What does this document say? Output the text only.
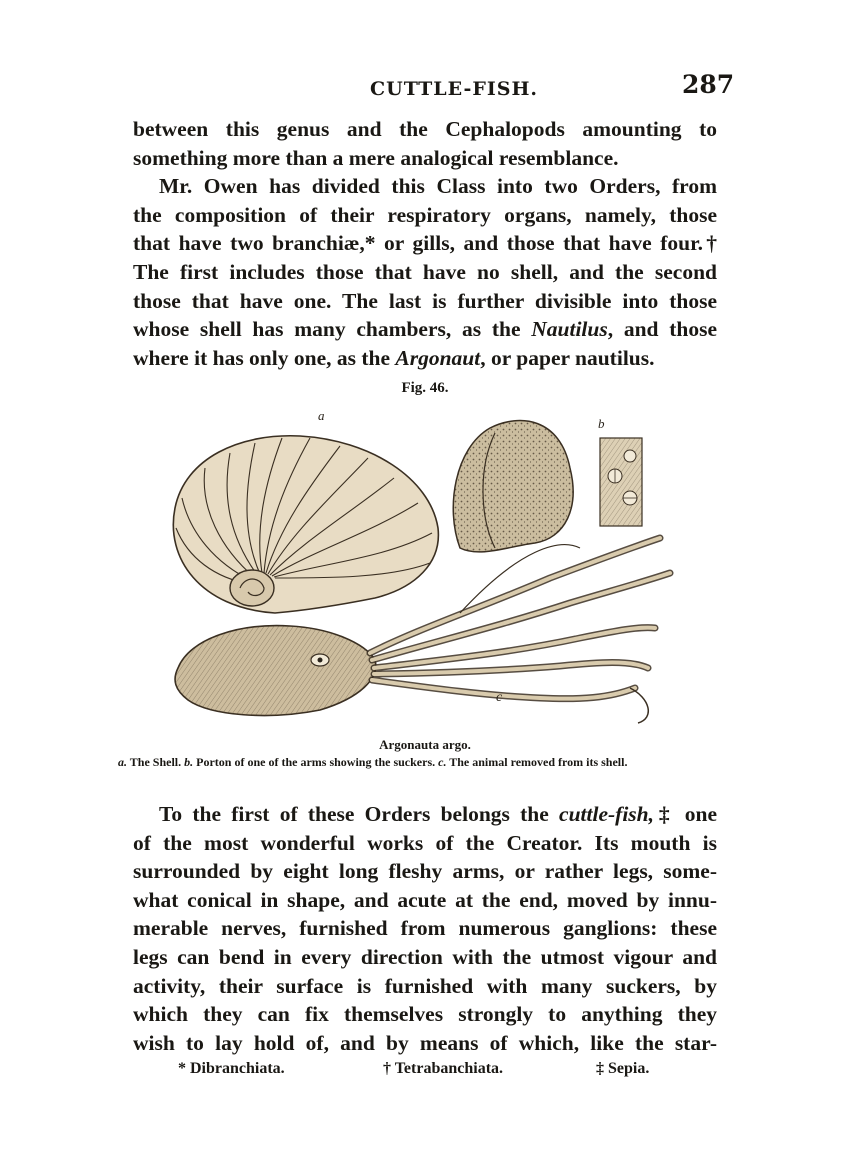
CUTTLE-FISH.	287
between this genus and the Cephalopods amounting to
something more than a mere analogical resemblance.
Mr. Owen has divided this Class into two Orders, from
the composition of their respiratory organs, namely, those
that have two branchiæ,* or gills, and those that have four.†
The first includes those that have no shell, and the second
those that have one. The last is further divisible into those
whose shell has many chambers, as the Nautilus, and those
where it has only one, as the Argonaut, or paper nautilus.
Fig. 46.
a
b
c
Argonauta argo.
a. The Shell. b. Porton of one of the arms showing the suckers. c. The animal removed from its shell.
To the first of these Orders belongs the cuttle-fish,‡ one
of the most wonderful works of the Creator. Its mouth is
surrounded by eight long fleshy arms, or rather legs, some-
what conical in shape, and acute at the end, moved by innu-
merable nerves, furnished from numerous ganglions: these
legs can bend in every direction with the utmost vigour and
activity, their surface is furnished with many suckers, by
which they can fix themselves strongly to anything they
wish to lay hold of, and by means of which, like the star-
* Dibranchiata.	† Tetrabanchiata.	‡ Sepia.
